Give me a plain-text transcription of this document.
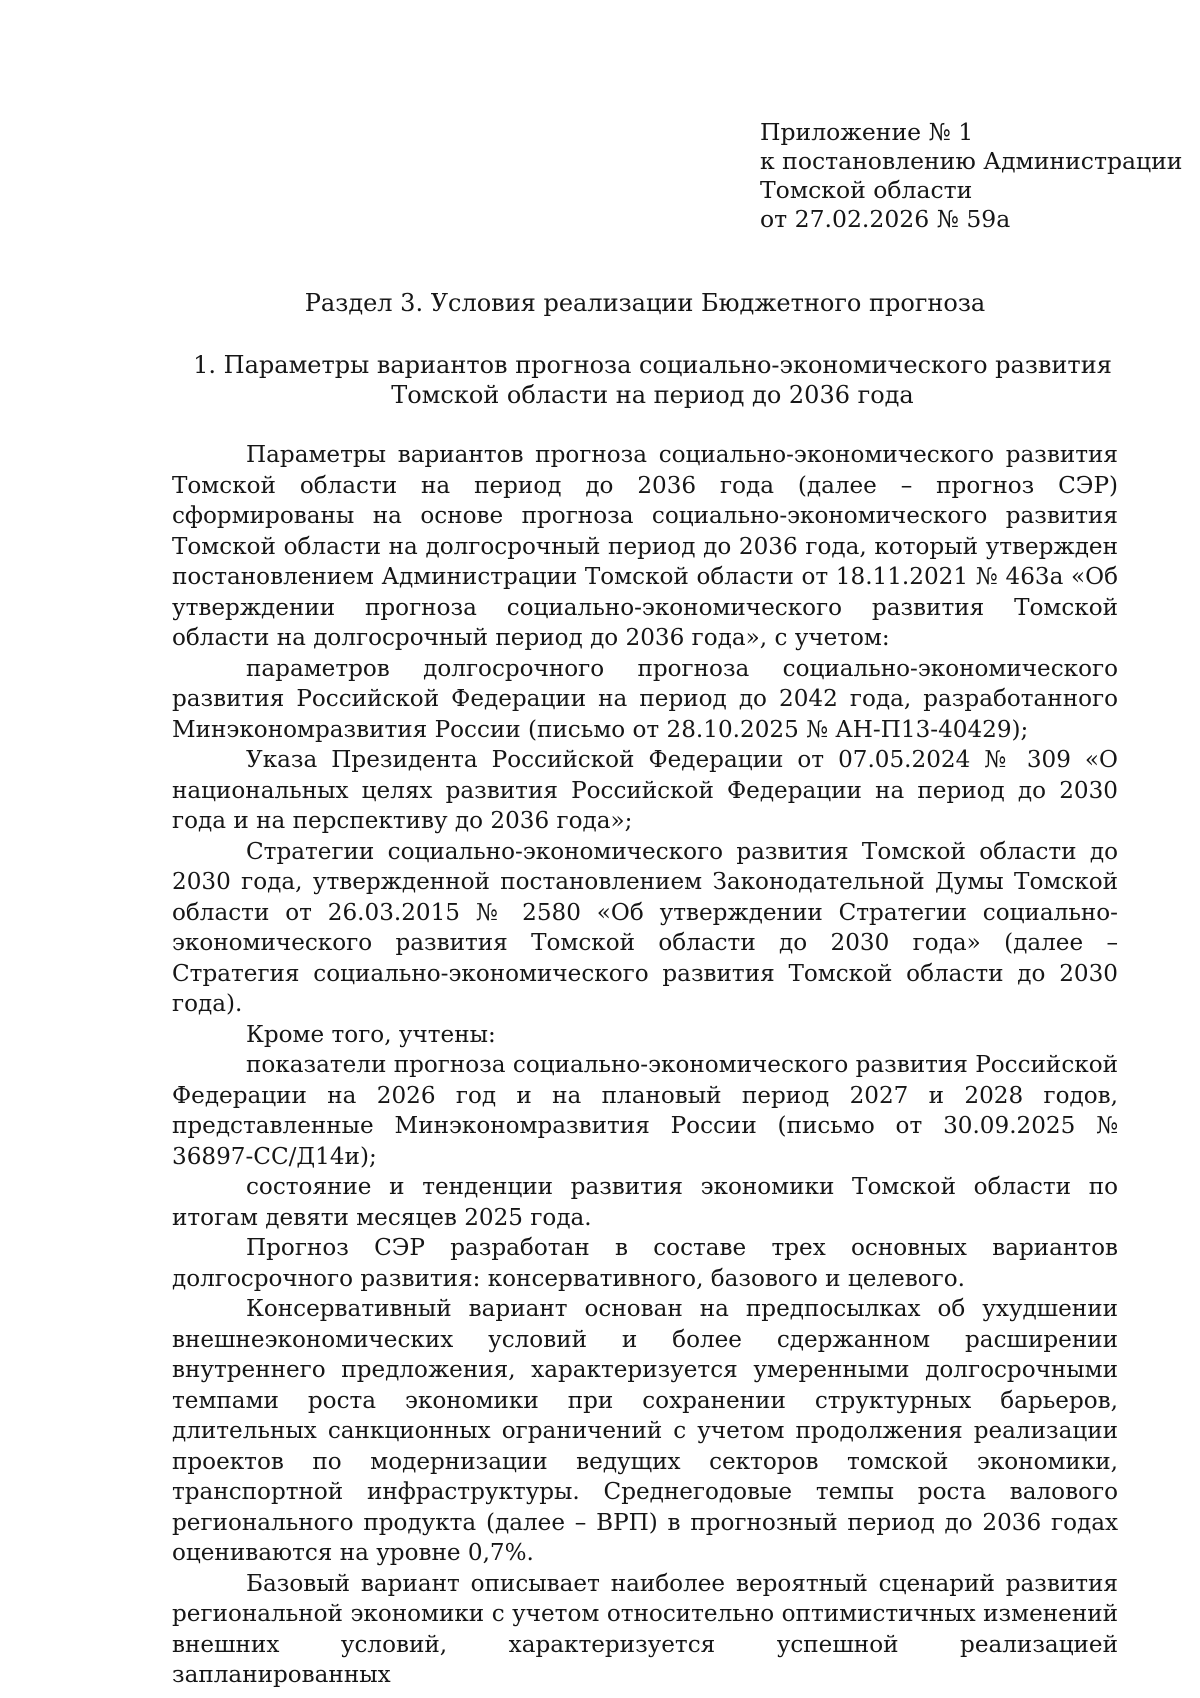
Приложение № 1
к постановлению Администрации
Томской области
от 27.02.2026 № 59а
Раздел 3. Условия реализации Бюджетного прогноза
1. Параметры вариантов прогноза социально-экономического развития
Томской области на период до 2036 года

Параметры вариантов прогноза социально-экономического развития Томской области на период до 2036 года (далее – прогноз СЭР) сформированы на основе прогноза социально-экономического развития Томской области на долгосрочный период до 2036 года, который утвержден постановлением Администрации Томской области от 18.11.2021 № 463а «Об утверждении прогноза социально-экономического развития Томской области на долгосрочный период до 2036 года», с учетом:

параметров долгосрочного прогноза социально-экономического развития Российской Федерации на период до 2042 года, разработанного Минэкономразвития России (письмо от 28.10.2025 № АН-П13-40429);

Указа Президента Российской Федерации от 07.05.2024 № 309 «О национальных целях развития Российской Федерации на период до 2030 года и на перспективу до 2036 года»;

Стратегии социально-экономического развития Томской области до 2030 года, утвержденной постановлением Законодательной Думы Томской области от 26.03.2015 № 2580 «Об утверждении Стратегии социально-экономического развития Томской области до 2030 года» (далее – Стратегия социально-экономического развития Томской области до 2030 года).

Кроме того, учтены:

показатели прогноза социально-экономического развития Российской Федерации на 2026 год и на плановый период 2027 и 2028 годов, представленные Минэкономразвития России (письмо от 30.09.2025 № 36897-СС/Д14и);

состояние и тенденции развития экономики Томской области по итогам девяти месяцев 2025 года.

Прогноз СЭР разработан в составе трех основных вариантов долгосрочного развития: консервативного, базового и целевого.

Консервативный вариант основан на предпосылках об ухудшении внешнеэкономических условий и более сдержанном расширении внутреннего предложения, характеризуется умеренными долгосрочными темпами роста экономики при сохранении структурных барьеров, длительных санкционных ограничений с учетом продолжения реализации проектов по модернизации ведущих секторов томской экономики, транспортной инфраструктуры. Среднегодовые темпы роста валового регионального продукта (далее – ВРП) в прогнозный период до 2036 годах оцениваются на уровне 0,7%.

Базовый вариант описывает наиболее вероятный сценарий развития региональной экономики с учетом относительно оптимистичных изменений внешних условий, характеризуется успешной реализацией запланированных
